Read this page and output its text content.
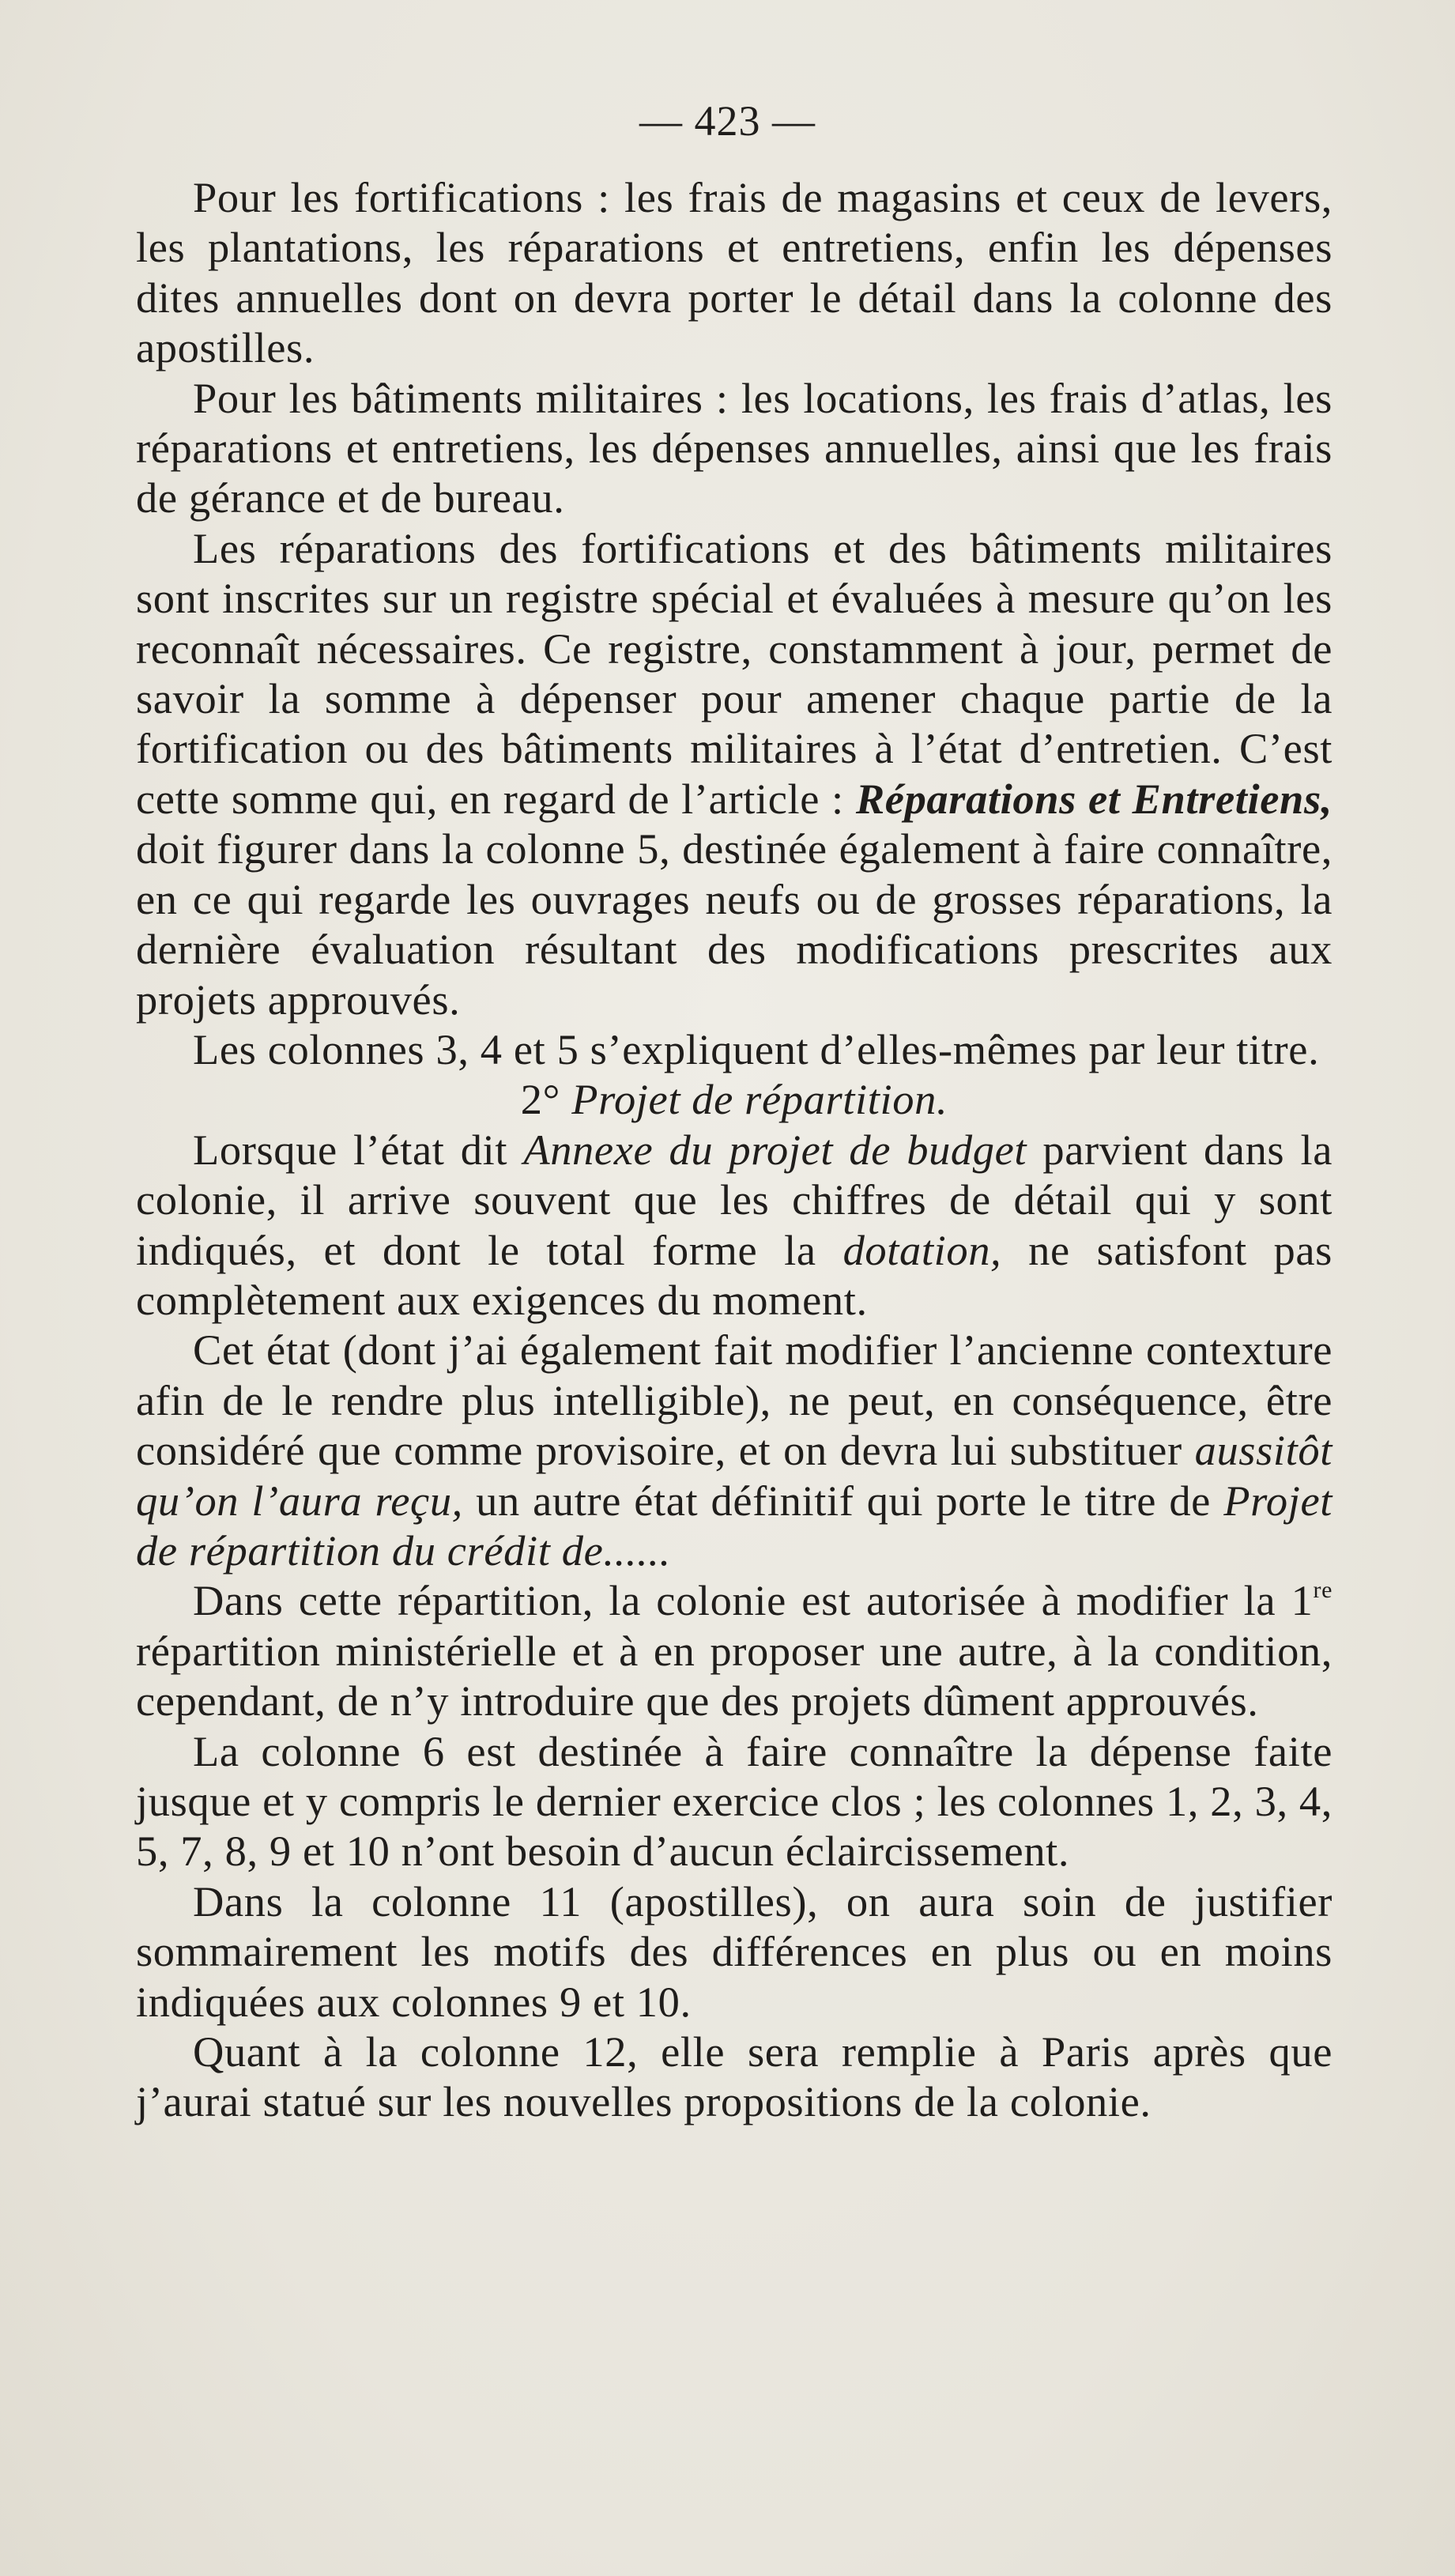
— 423 —

Pour les fortifications : les frais de magasins et ceux de levers, les plantations, les réparations et entretiens, enfin les dépenses dites annuelles dont on devra porter le détail dans la colonne des apostilles.

Pour les bâtiments militaires : les locations, les frais d’atlas, les réparations et entretiens, les dépenses annuelles, ainsi que les frais de gérance et de bureau.

Les réparations des fortifications et des bâtiments militaires sont inscrites sur un registre spécial et évaluées à mesure qu’on les reconnaît nécessaires. Ce registre, constamment à jour, permet de savoir la somme à dépenser pour amener chaque partie de la fortification ou des bâtiments militaires à l’état d’entretien. C’est cette somme qui, en regard de l’article : Réparations et Entretiens, doit figurer dans la colonne 5, destinée également à faire connaître, en ce qui regarde les ouvrages neufs ou de grosses réparations, la dernière évaluation résultant des modifications prescrites aux projets approuvés.

Les colonnes 3, 4 et 5 s’expliquent d’elles-mêmes par leur titre.

2° Projet de répartition.

Lorsque l’état dit Annexe du projet de budget parvient dans la colonie, il arrive souvent que les chiffres de détail qui y sont indiqués, et dont le total forme la dotation, ne satisfont pas complètement aux exigences du moment.

Cet état (dont j’ai également fait modifier l’ancienne contexture afin de le rendre plus intelligible), ne peut, en conséquence, être considéré que comme provisoire, et on devra lui substituer aussitôt qu’on l’aura reçu, un autre état définitif qui porte le titre de Projet de répartition du crédit de......

Dans cette répartition, la colonie est autorisée à modifier la 1re répartition ministérielle et à en proposer une autre, à la condition, cependant, de n’y introduire que des projets dûment approuvés.

La colonne 6 est destinée à faire connaître la dépense faite jusque et y compris le dernier exercice clos ; les colonnes 1, 2, 3, 4, 5, 7, 8, 9 et 10 n’ont besoin d’aucun éclaircissement.

Dans la colonne 11 (apostilles), on aura soin de justifier sommairement les motifs des différences en plus ou en moins indiquées aux colonnes 9 et 10.

Quant à la colonne 12, elle sera remplie à Paris après que j’aurai statué sur les nouvelles propositions de la colonie.
